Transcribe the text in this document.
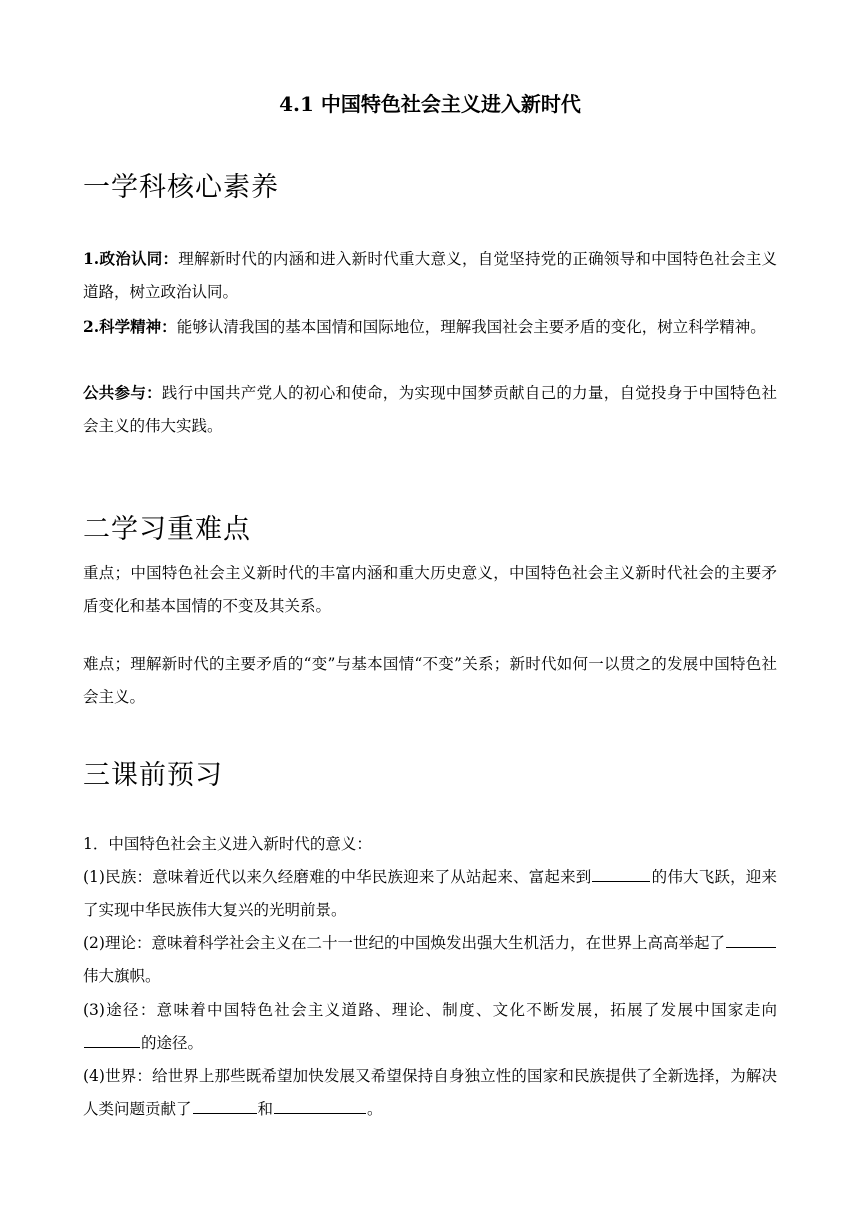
4.1 中国特色社会主义进入新时代
一学科核心素养

1.政治认同：理解新时代的内涵和进入新时代重大意义，自觉坚持党的正确领导和中国特色社会主义道路，树立政治认同。

2.科学精神：能够认清我国的基本国情和国际地位，理解我国社会主要矛盾的变化，树立科学精神。

公共参与：践行中国共产党人的初心和使命，为实现中国梦贡献自己的力量，自觉投身于中国特色社会主义的伟大实践。

二学习重难点

重点；中国特色社会主义新时代的丰富内涵和重大历史意义，中国特色社会主义新时代社会的主要矛盾变化和基本国情的不变及其关系。

难点；理解新时代的主要矛盾的“变”与基本国情“不变”关系；新时代如何一以贯之的发展中国特色社会主义。

三课前预习

1．中国特色社会主义进入新时代的意义：

(1)民族：意味着近代以来久经磨难的中华民族迎来了从站起来、富起来到	的伟大飞跃，迎来了实现中华民族伟大复兴的光明前景。

(2)理论：意味着科学社会主义在二十一世纪的中国焕发出强大生机活力，在世界上高高举起了伟大旗帜。

(3)途径：意味着中国特色社会主义道路、理论、制度、文化不断发展，拓展了发展中国家走向的途径。

(4)世界：给世界上那些既希望加快发展又希望保持自身独立性的国家和民族提供了全新选择，为解决人类问题贡献了	和	。
